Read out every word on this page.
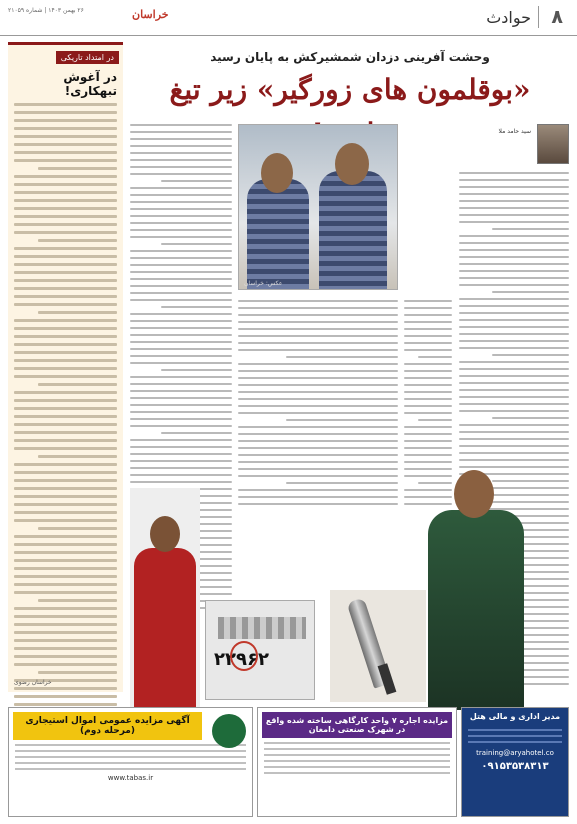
۸
حوادث
خراسان
۲۶ بهمن ۱۴۰۳ | شماره ۲۱۰۵۹
در امتداد تاریکی
در آغوش تبهکاری!
خراسان رضوی
وحشت آفرینی دزدان شمشیرکش به پایان رسید
«بوقلمون های زورگیر» زیر تیغ
سید حامد ملا
عکس: خراسان
۲۲۹۶۲
مدیر اداری و مالی هتل
training@aryahotel.co
۰۹۱۵۳۵۳۸۳۱۳
مزایده اجاره ۷ واحد کارگاهی ساخته شده واقع در شهرک صنعتی دامغان
آگهی مزایده عمومی اموال استیجاری (مرحله دوم)
www.tabas.ir
